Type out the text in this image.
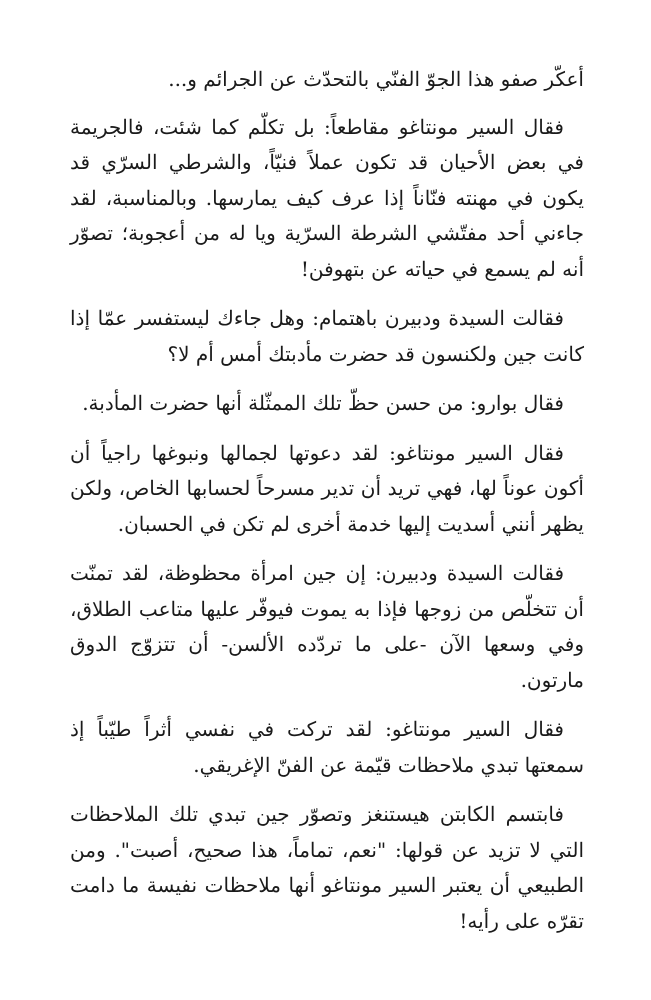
أعكّر صفو هذا الجوّ الفنّي بالتحدّث عن الجرائم و...

فقال السير مونتاغو مقاطعاً: بل تكلّم كما شئت، فالجريمة في بعض الأحيان قد تكون عملاً فنيّاً، والشرطي السرّي قد يكون في مهنته فنّاناً إذا عرف كيف يمارسها. وبالمناسبة، لقد جاءني أحد مفتّشي الشرطة السرّية ويا له من أعجوبة؛ تصوّر أنه لم يسمع في حياته عن بتهوفن!

فقالت السيدة ودبيرن باهتمام: وهل جاءك ليستفسر عمّا إذا كانت جين ولكنسون قد حضرت مأدبتك أمس أم لا؟

فقال بوارو: من حسن حظّ تلك الممثّلة أنها حضرت المأدبة.

فقال السير مونتاغو: لقد دعوتها لجمالها ونبوغها راجياً أن أكون عوناً لها، فهي تريد أن تدير مسرحاً لحسابها الخاص، ولكن يظهر أنني أسديت إليها خدمة أخرى لم تكن في الحسبان.

فقالت السيدة ودبيرن: إن جين امرأة محظوظة، لقد تمنّت أن تتخلّص من زوجها فإذا به يموت فيوفّر عليها متاعب الطلاق، وفي وسعها الآن -على ما تردّده الألسن- أن تتزوّج الدوق مارتون.

فقال السير مونتاغو: لقد تركت في نفسي أثراً طيّباً إذ سمعتها تبدي ملاحظات قيّمة عن الفنّ الإغريقي.

فابتسم الكابتن هيستنغز وتصوّر جين تبدي تلك الملاحظات التي لا تزيد عن قولها: "نعم، تماماً، هذا صحيح، أصبت". ومن الطبيعي أن يعتبر السير مونتاغو أنها ملاحظات نفيسة ما دامت تقرّه على رأيه!
